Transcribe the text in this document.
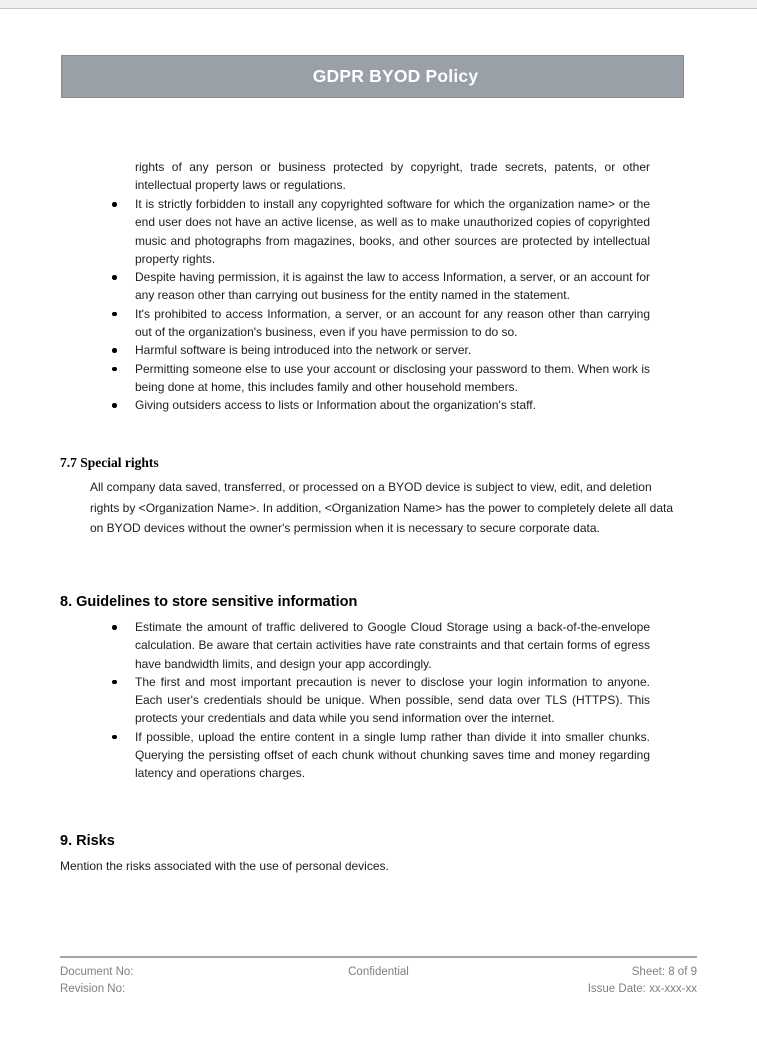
GDPR BYOD Policy

rights of any person or business protected by copyright, trade secrets, patents, or other intellectual property laws or regulations.

It is strictly forbidden to install any copyrighted software for which the organization name> or the end user does not have an active license, as well as to make unauthorized copies of copyrighted music and photographs from magazines, books, and other sources are protected by intellectual property rights.
Despite having permission, it is against the law to access Information, a server, or an account for any reason other than carrying out business for the entity named in the statement.
It's prohibited to access Information, a server, or an account for any reason other than carrying out of the organization's business, even if you have permission to do so.
Harmful software is being introduced into the network or server.
Permitting someone else to use your account or disclosing your password to them. When work is being done at home, this includes family and other household members.
Giving outsiders access to lists or Information about the organization's staff.
7.7 Special rights

All company data saved, transferred, or processed on a BYOD device is subject to view, edit, and deletion rights by <Organization Name>. In addition, <Organization Name> has the power to completely delete all data on BYOD devices without the owner's permission when it is necessary to secure corporate data.

8. Guidelines to store sensitive information
Estimate the amount of traffic delivered to Google Cloud Storage using a back-of-the-envelope calculation. Be aware that certain activities have rate constraints and that certain forms of egress have bandwidth limits, and design your app accordingly.
The first and most important precaution is never to disclose your login information to anyone. Each user's credentials should be unique. When possible, send data over TLS (HTTPS). This protects your credentials and data while you send information over the internet.
If possible, upload the entire content in a single lump rather than divide it into smaller chunks. Querying the persisting offset of each chunk without chunking saves time and money regarding latency and operations charges.
9. Risks

Mention the risks associated with the use of personal devices.

Document No:	Confidential	Sheet: 8 of 9
Revision No:	Issue Date: xx-xxx-xx
